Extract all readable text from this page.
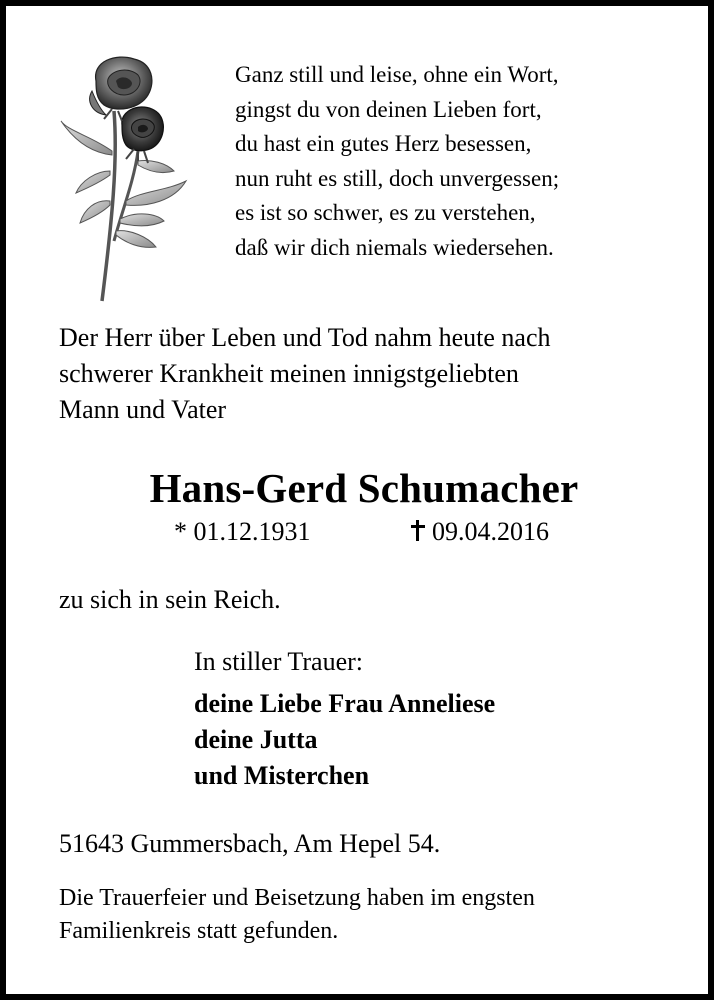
Ganz still und leise, ohne ein Wort,
gingst du von deinen Lieben fort,
du hast ein gutes Herz besessen,
nun ruht es still, doch unvergessen;
es ist so schwer, es zu verstehen,
daß wir dich niemals wiedersehen.
Der Herr über Leben und Tod nahm heute nach
schwerer Krankheit meinen innigstgeliebten
Mann und Vater
Hans-Gerd Schumacher
* 01.12.1931	09.04.2016
zu sich in sein Reich.
In stiller Trauer:
deine Liebe Frau Anneliese
deine Jutta
und Misterchen
51643 Gummersbach, Am Hepel 54.
Die Trauerfeier und Beisetzung haben im engsten
Familienkreis statt gefunden.
